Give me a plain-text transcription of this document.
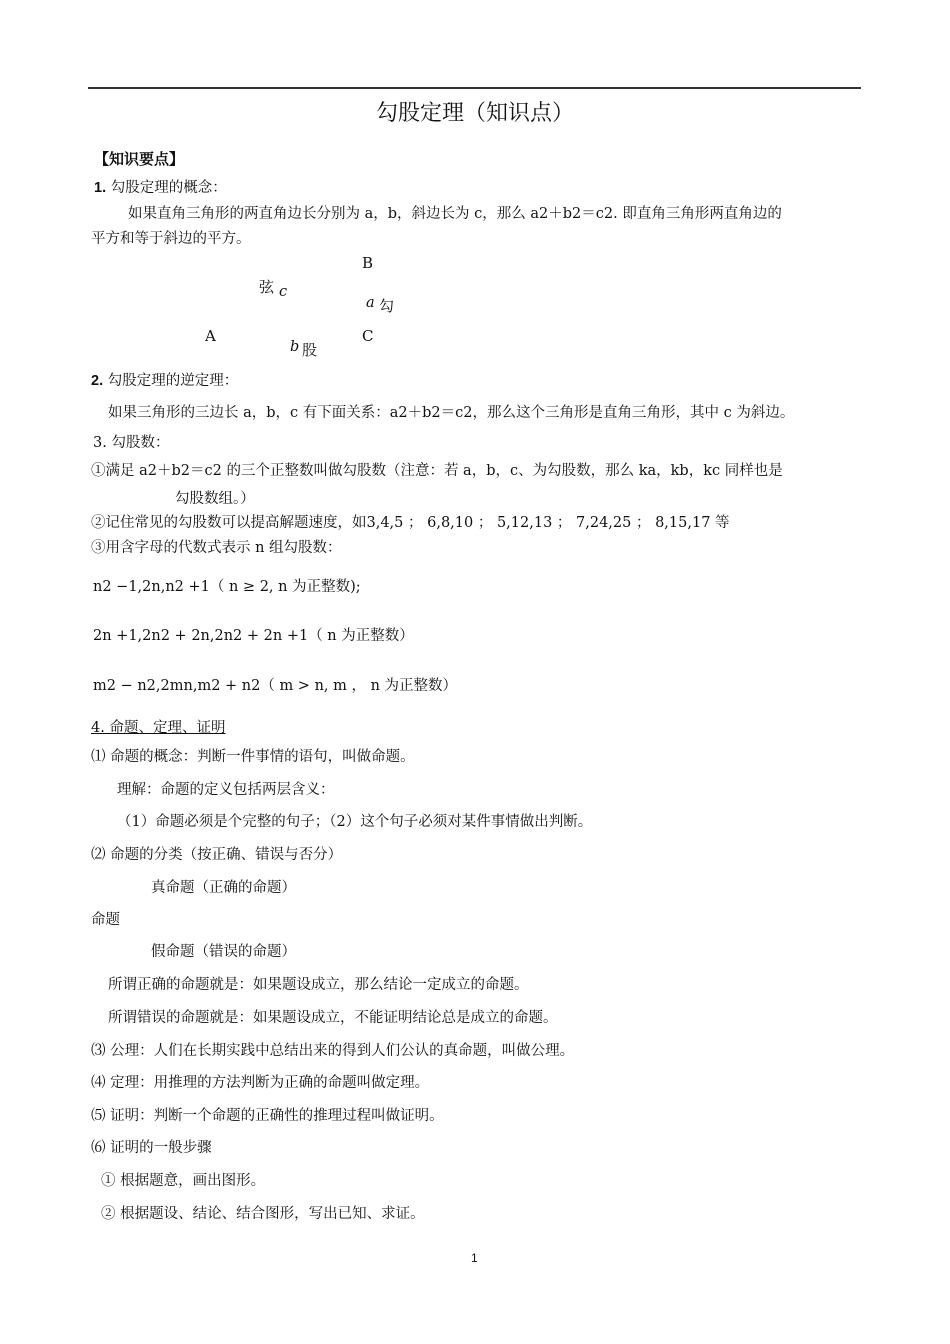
勾股定理（知识点）
【知识要点】
1. 勾股定理的概念：
如果直角三角形的两直角边长分别为 a，b，斜边长为 c，那么 a2＋b2＝c2. 即直角三角形两直角边的
平方和等于斜边的平方。
B
弦 c
a 勾
A	C
b 股
2. 勾股定理的逆定理：
如果三角形的三边长 a，b，c 有下面关系：a2＋b2＝c2，那么这个三角形是直角三角形，其中 c 为斜边。
3. 勾股数：
①满足 a2＋b2＝c2 的三个正整数叫做勾股数（注意：若 a，b，c、为勾股数，那么 ka，kb，kc 同样也是
勾股数组。）
②记住常见的勾股数可以提高解题速度，如3,4,5 ； 6,8,10 ； 5,12,13 ； 7,24,25 ； 8,15,17 等
③用含字母的代数式表示 n 组勾股数：
n2 −1,2n,n2 +1（ n ≥ 2, n 为正整数);
2n +1,2n2 + 2n,2n2 + 2n +1（ n 为正整数）
m2 − n2,2mn,m2 + n2（ m > n, m ， n 为正整数）
4. 命题、定理、证明
⑴ 命题的概念：判断一件事情的语句，叫做命题。
理解：命题的定义包括两层含义：
（1）命题必须是个完整的句子；（2）这个句子必须对某件事情做出判断。
⑵ 命题的分类（按正确、错误与否分）
真命题（正确的命题）
命题
假命题（错误的命题）
所谓正确的命题就是：如果题设成立，那么结论一定成立的命题。
所谓错误的命题就是：如果题设成立，不能证明结论总是成立的命题。
⑶ 公理：人们在长期实践中总结出来的得到人们公认的真命题，叫做公理。
⑷ 定理：用推理的方法判断为正确的命题叫做定理。
⑸ 证明：判断一个命题的正确性的推理过程叫做证明。
⑹ 证明的一般步骤
① 根据题意，画出图形。
② 根据题设、结论、结合图形，写出已知、求证。
1
